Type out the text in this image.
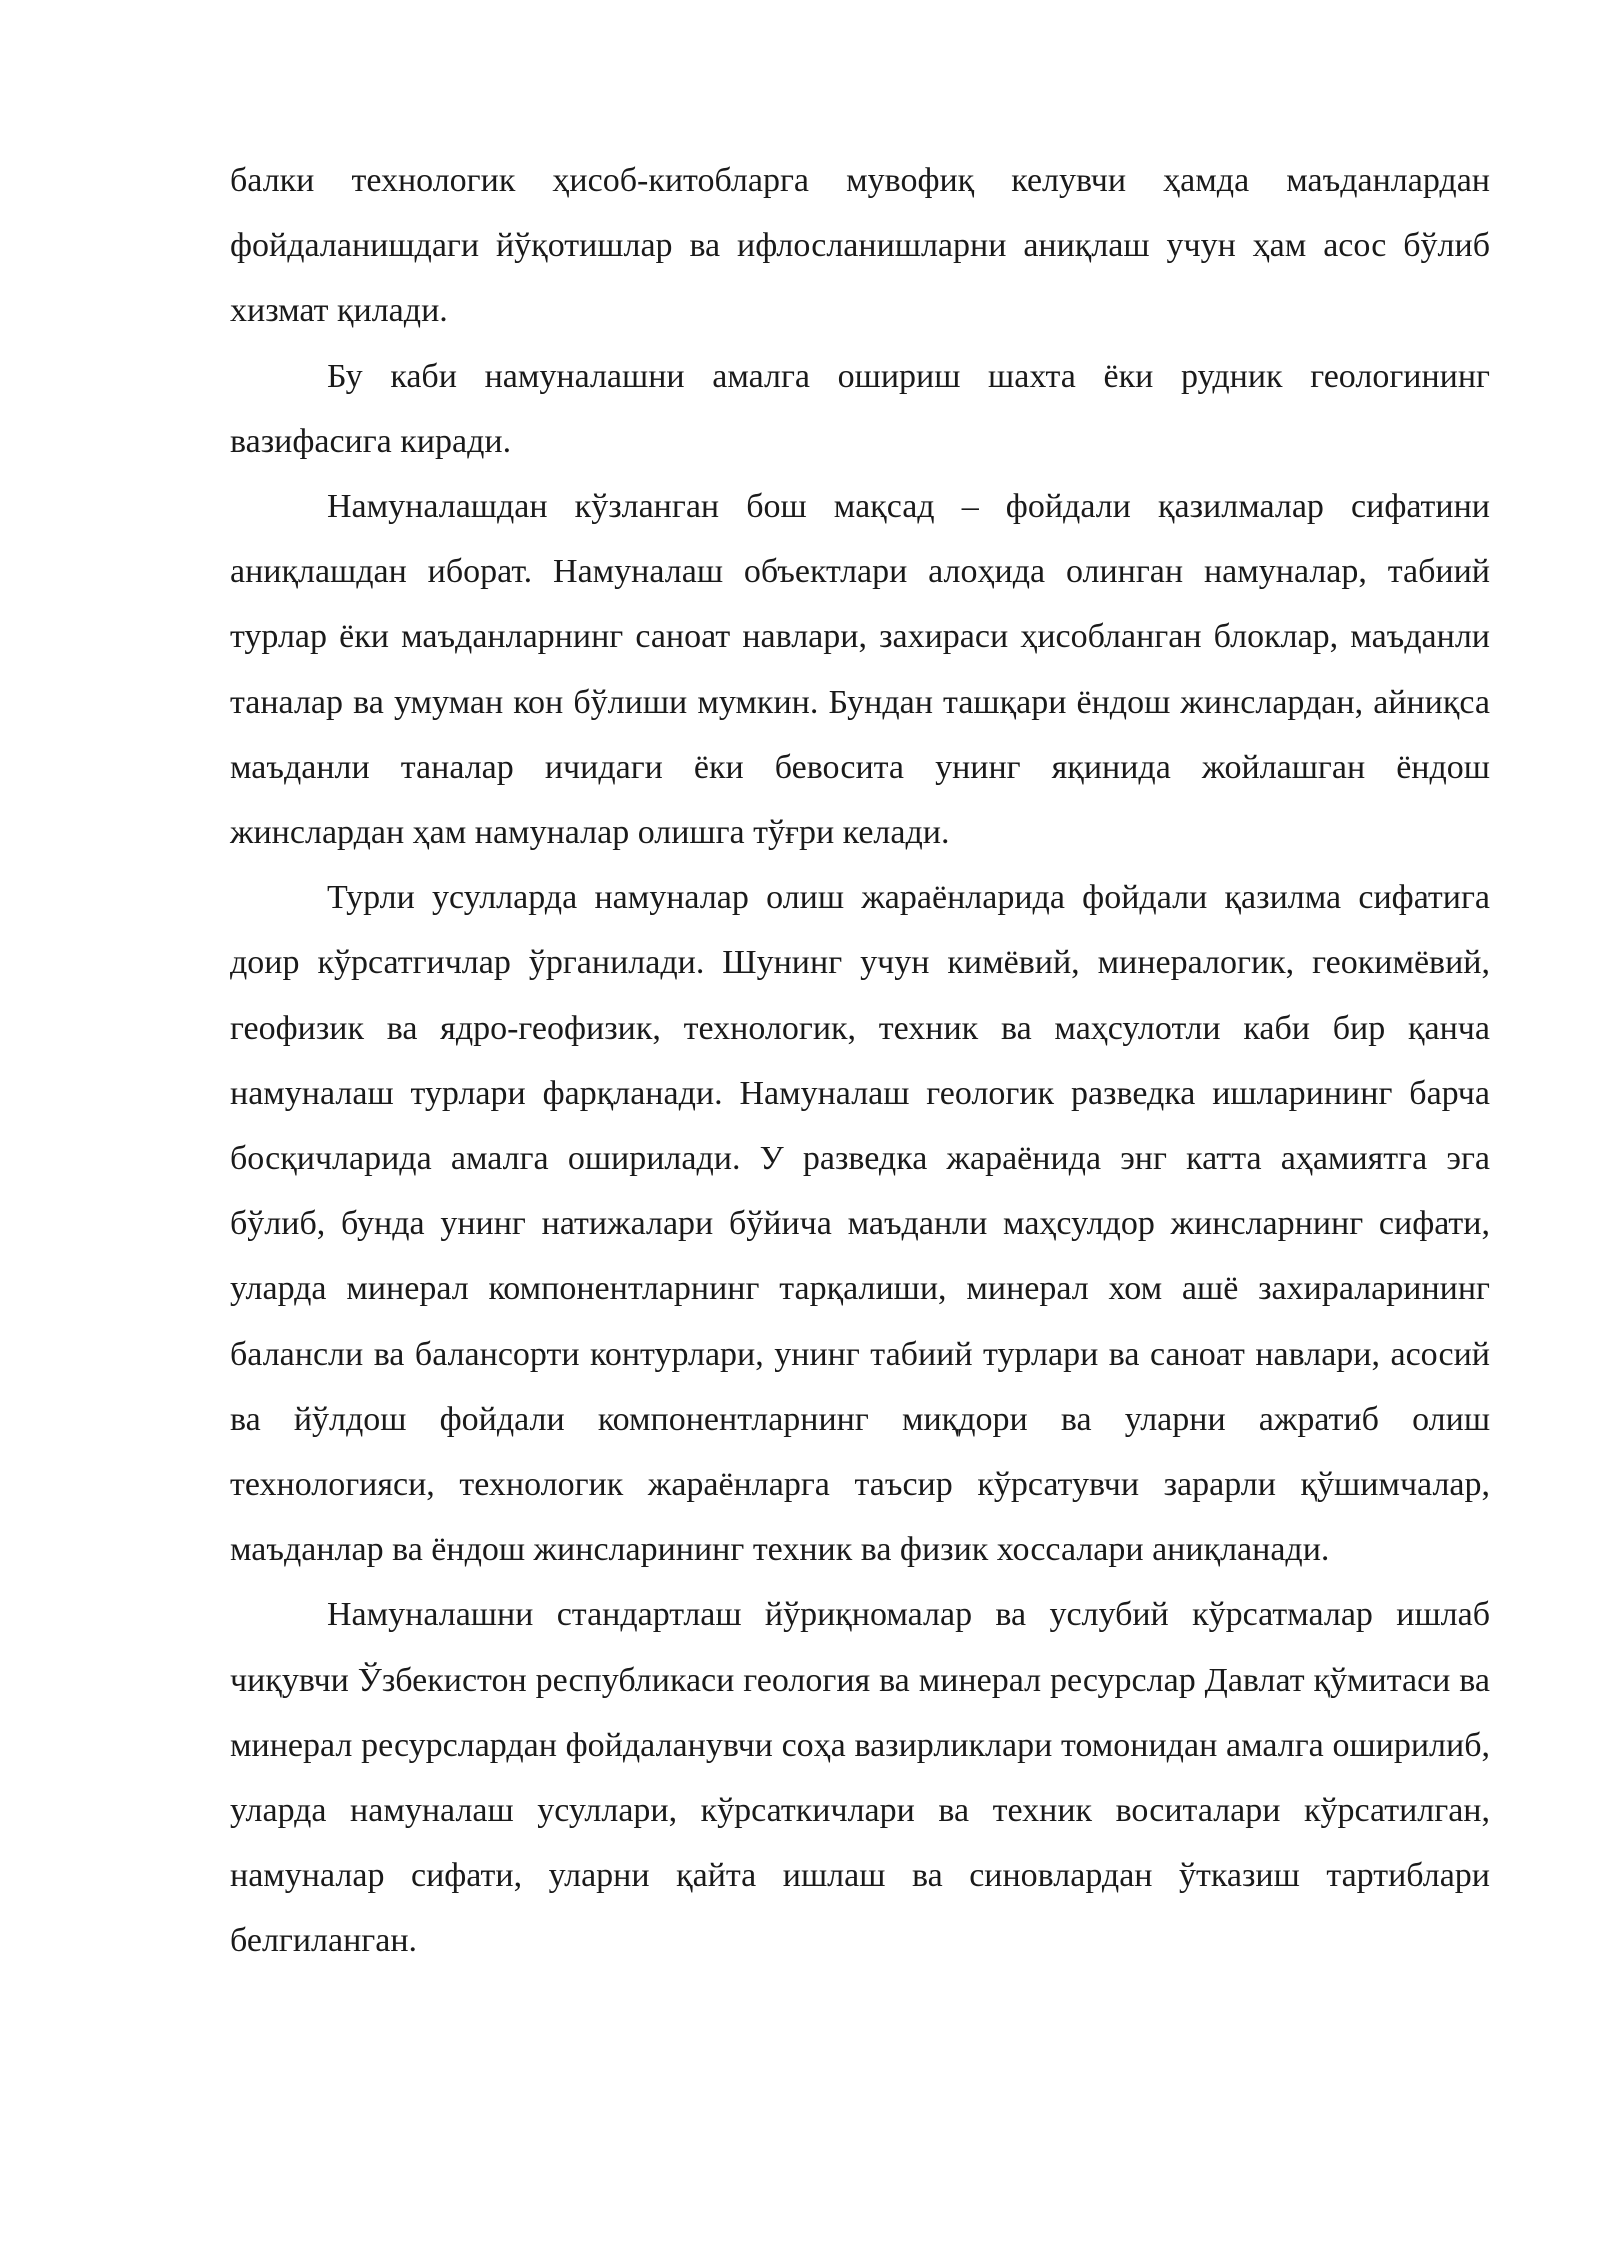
балки технологик ҳисоб-китобларга мувофиқ келувчи ҳамда маъданлардан фойдаланишдаги йўқотишлар ва ифлосланишларни аниқлаш учун ҳам асос бўлиб хизмат қилади.

Бу каби намуналашни амалга ошириш шахта ёки рудник геологининг вазифасига киради.

Намуналашдан кўзланган бош мақсад – фойдали қазилмалар сифатини аниқлашдан иборат. Намуналаш объектлари алоҳида олинган намуналар, табиий турлар ёки маъданларнинг саноат навлари, захираси ҳисобланган блоклар, маъданли таналар ва умуман кон бўлиши мумкин. Бундан ташқари ёндош жинслардан, айниқса маъданли таналар ичидаги ёки бевосита унинг яқинида жойлашган ёндош жинслардан ҳам намуналар олишга тўғри келади.

Турли усулларда намуналар олиш жараёнларида фойдали қазилма сифатига доир кўрсатгичлар ўрганилади. Шунинг учун кимёвий, минералогик, геокимёвий, геофизик ва ядро-геофизик, технологик, техник ва маҳсулотли каби бир қанча намуналаш турлари фарқланади. Намуналаш геологик разведка ишларининг барча босқичларида амалга оширилади. У разведка жараёнида энг катта аҳамиятга эга бўлиб, бунда унинг натижалари бўйича маъданли маҳсулдор жинсларнинг сифати, уларда минерал компонентларнинг тарқалиши, минерал хом ашё захираларининг балансли ва балансорти контурлари, унинг табиий турлари ва саноат навлари, асосий ва йўлдош фойдали компонентларнинг миқдори ва уларни ажратиб олиш технологияси, технологик жараёнларга таъсир кўрсатувчи зарарли қўшимчалар, маъданлар ва ёндош жинсларининг техник ва физик хоссалари аниқланади.

Намуналашни стандартлаш йўриқномалар ва услубий кўрсатмалар ишлаб чиқувчи Ўзбекистон республикаси геология ва минерал ресурслар Давлат қўмитаси ва минерал ресурслардан фойдаланувчи соҳа вазирликлари томонидан амалга оширилиб, уларда намуналаш усуллари, кўрсаткичлари ва техник воситалари кўрсатилган, намуналар сифати, уларни қайта ишлаш ва синовлардан ўтказиш тартиблари белгиланган.
